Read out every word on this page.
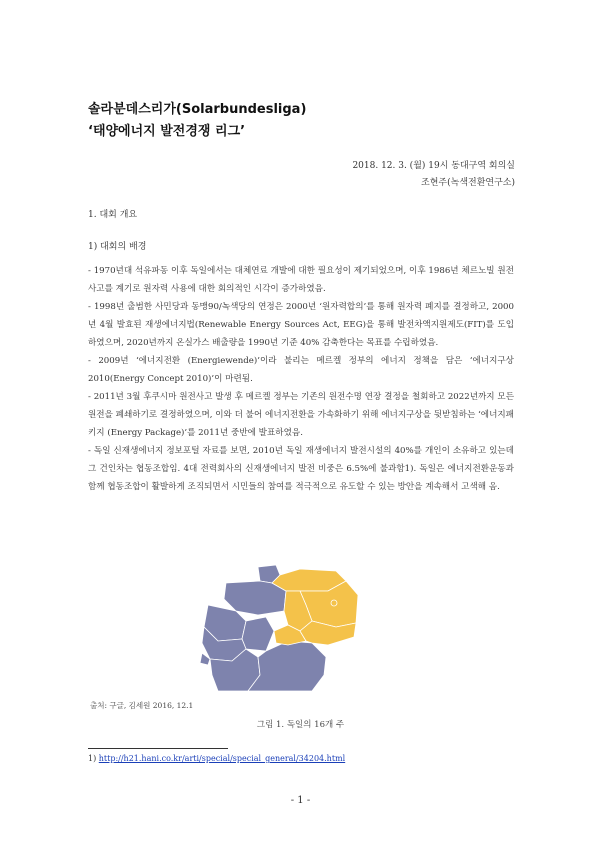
솔라분데스리가(Solarbundesliga)
‘태양에너지 발전경쟁 리그’
2018. 12. 3. (월) 19시 동대구역 회의실
조현주(녹색전환연구소)
1. 대회 개요
1) 대회의 배경

- 1970년대 석유파동 이후 독일에서는 대체연료 개발에 대한 필요성이 제기되었으며, 이후 1986년 체르노빌 원전 사고를 계기로 원자력 사용에 대한 회의적인 시각이 증가하였음.

- 1998년 출범한 사민당과 동맹90/녹색당의 연정은 2000년 ‘원자력합의’를 통해 원자력 폐지를 결정하고, 2000년 4월 발효된 재생에너지법(Renewable Energy Sources Act, EEG)을 통해 발전차액지원제도(FIT)를 도입하였으며, 2020년까지 온실가스 배출량을 1990년 기준 40% 감축한다는 목표를 수립하였음.

- 2009년 ‘에너지전환 (Energiewende)’이라 불리는 메르켈 정부의 에너지 정책을 담은 ‘에너지구상 2010(Energy Concept 2010)’이 마련됨.

- 2011년 3월 후쿠시마 원전사고 발생 후 메르켈 정부는 기존의 원전수명 연장 결정을 철회하고 2022년까지 모든 원전을 폐쇄하기로 결정하였으며, 이와 더 불어 에너지전환을 가속화하기 위해 에너지구상을 뒷받침하는 ‘에너지패키지 (Energy Package)’를 2011년 중반에 발표하였음.

- 독일 신재생에너지 정보포털 자료를 보면, 2010년 독일 재생에너지 발전시설의 40%를 개인이 소유하고 있는데 그 건인차는 협동조합임. 4대 전력회사의 신재생에너지 발전 비중은 6.5%에 불과함1). 독일은 에너지전환운동과 함께 협동조합이 활발하게 조직되면서 시민들의 참여를 적극적으로 유도할 수 있는 방안을 계속해서 고색해 옴.

출처: 구글, 김세원 2016, 12.1
그림 1. 독일의 16개 주
1) http://h21.hani.co.kr/arti/special/special_general/34204.html
- 1 -
